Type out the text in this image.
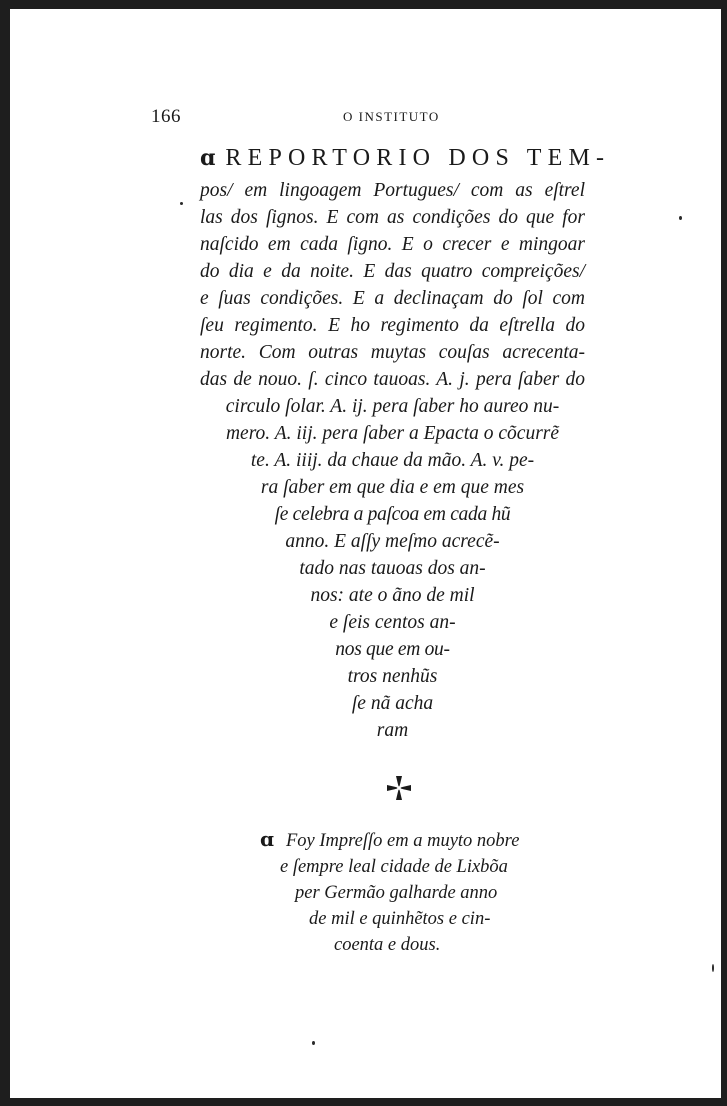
166	O INSTITUTO
ɑ REPORTORIO DOS TEM-
pos/ em lingoagem Portugues/ com as eſtrel
las dos ſignos. E com as condições do que for
naſcido em cada ſigno. E o crecer e mingoar
do dia e da noite. E das quatro compreições/
e ſuas condições. E a declinaçam do ſol com
ſeu regimento. E ho regimento da eſtrella do
norte. Com outras muytas couſas acrecenta-
das de nouo. ſ. cinco tauoas. A. j. pera ſaber do
circulo ſolar. A. ij. pera ſaber ho aureo nu-
mero. A. iij. pera ſaber a Epacta o cõcurrẽ
te. A. iiij. da chaue da mão. A. v. pe-
ra ſaber em que dia e em que mes
ſe celebra a paſcoa em cada hũ
anno. E aſſy meſmo acrecẽ-
tado nas tauoas dos an-
nos: ate o ãno de mil
e ſeis centos an-
nos que em ou-
tros nenhũs
ſe nã acha
ram
ɑ Foy Impreſſo em a muyto nobre
e ſempre leal cidade de Lixbõa
per Germão galharde anno
de mil e quinhẽtos e cin-
coenta e dous.
